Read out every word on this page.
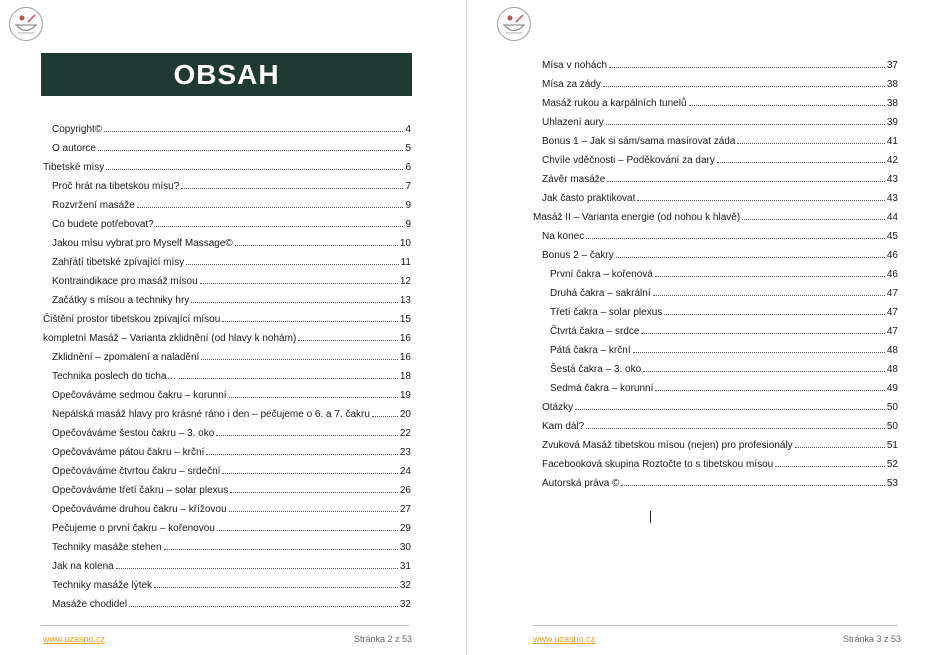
OBSAH
Copyright©	4
O autorce	5
Tibetské mísy	6
Proč hrát na tibetskou mísu?	7
Rozvržení masáže	9
Co budete potřebovat?	9
Jakou mísu vybrat pro Myself Massage©	10
Zahřátí tibetské zpívající mísy	11
Kontraindikace pro masáž mísou	12
Začátky s mísou a techniky hry	13
Čištění prostor tibetskou zpívající mísou	15
kompletní Masáž – Varianta zklidnění (od hlavy k nohám)	16
Zklidnění – zpomalení a naladění	16
Technika poslech do ticha…	18
Opečováváme sedmou čakru – korunní	19
Nepálská masáž hlavy pro krásné ráno i den – pečujeme o 6. a 7. čakru	20
Opečováváme šestou čakru – 3. oko	22
Opečováváme pátou čakru – krční	23
Opečováváme čtvrtou čakru – srdeční	24
Opečováváme třetí čakru – solar plexus	26
Opečováváme druhou čakru – křížovou	27
Pečujeme o první čakru – kořenovou	29
Techniky masáže stehen	30
Jak na kolena	31
Techniky masáže lýtek	32
Masáže chodidel	32
www.uzasno.cz	Stránka 2 z 53
Mísa v nohách	37
Mísa za zády	38
Masáž rukou a karpálních tunelů	38
Uhlazení aury	39
Bonus 1 – Jak si sám/sama masírovat záda	41
Chvíle vděčnosti – Poděkování za dary	42
Závěr masáže	43
Jak často praktikovat	43
Masáž II – Varianta energie (od nohou k hlavě)	44
Na konec	45
Bonus 2 – čakry	46
První čakra – kořenová	46
Druhá čakra – sakrální	47
Třetí čakra – solar plexus	47
Čtvrtá čakra – srdce	47
Pátá čakra – krční	48
Šestá čakra – 3. oko	48
Sedmá čakra – korunní	49
Otázky	50
Kam dál?	50
Zvuková Masáž tibetskou mísou (nejen) pro profesionály	51
Facebooková skupina Roztočte to s tibetskou mísou	52
Autorská práva ©	53
www.uzasno.cz	Stránka 3 z 53
